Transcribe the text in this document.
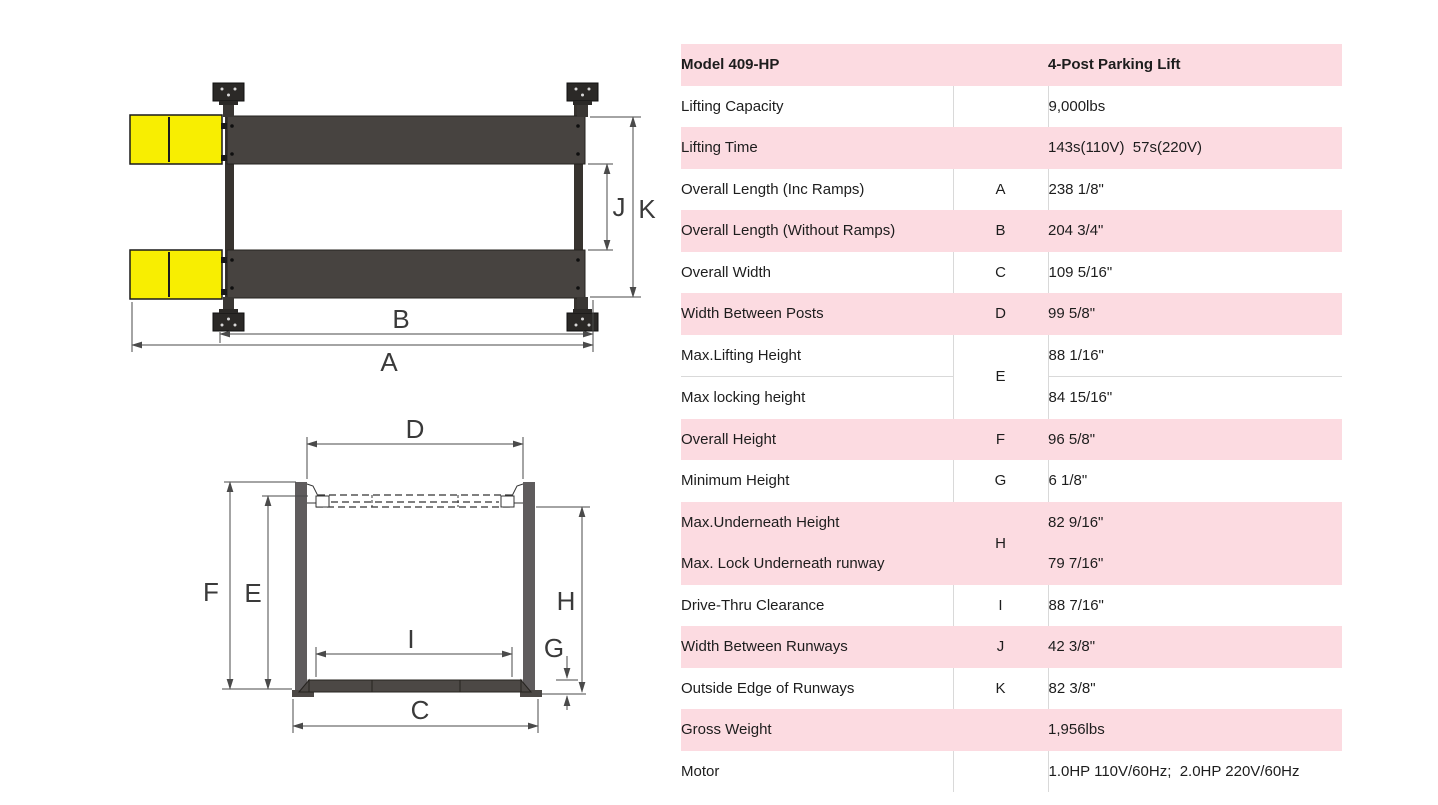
B
A
J K
D
F E	H
G
I
C
Model 409-HP		4-Post Parking Lift
Lifting Capacity		9,000lbs
Lifting Time		143s(110V)  57s(220V)
Overall Length (Inc Ramps)	A	238 1/8"
Overall Length (Without Ramps)	B	204 3/4"
Overall Width	C	109 5/16"
Width Between Posts	D	99 5/8"
Max.Lifting Height	E	88 1/16"
Max locking height		84 15/16"
Overall Height	F	96 5/8"
Minimum Height	G	6 1/8"
Max.Underneath Height	H	82 9/16"
Max. Lock Underneath runway		79 7/16"
Drive-Thru Clearance	I	88 7/16"
Width Between Runways	J	42 3/8"
Outside Edge of Runways	K	82 3/8"
Gross Weight		1,956lbs
Motor		1.0HP 110V/60Hz;  2.0HP 220V/60Hz
